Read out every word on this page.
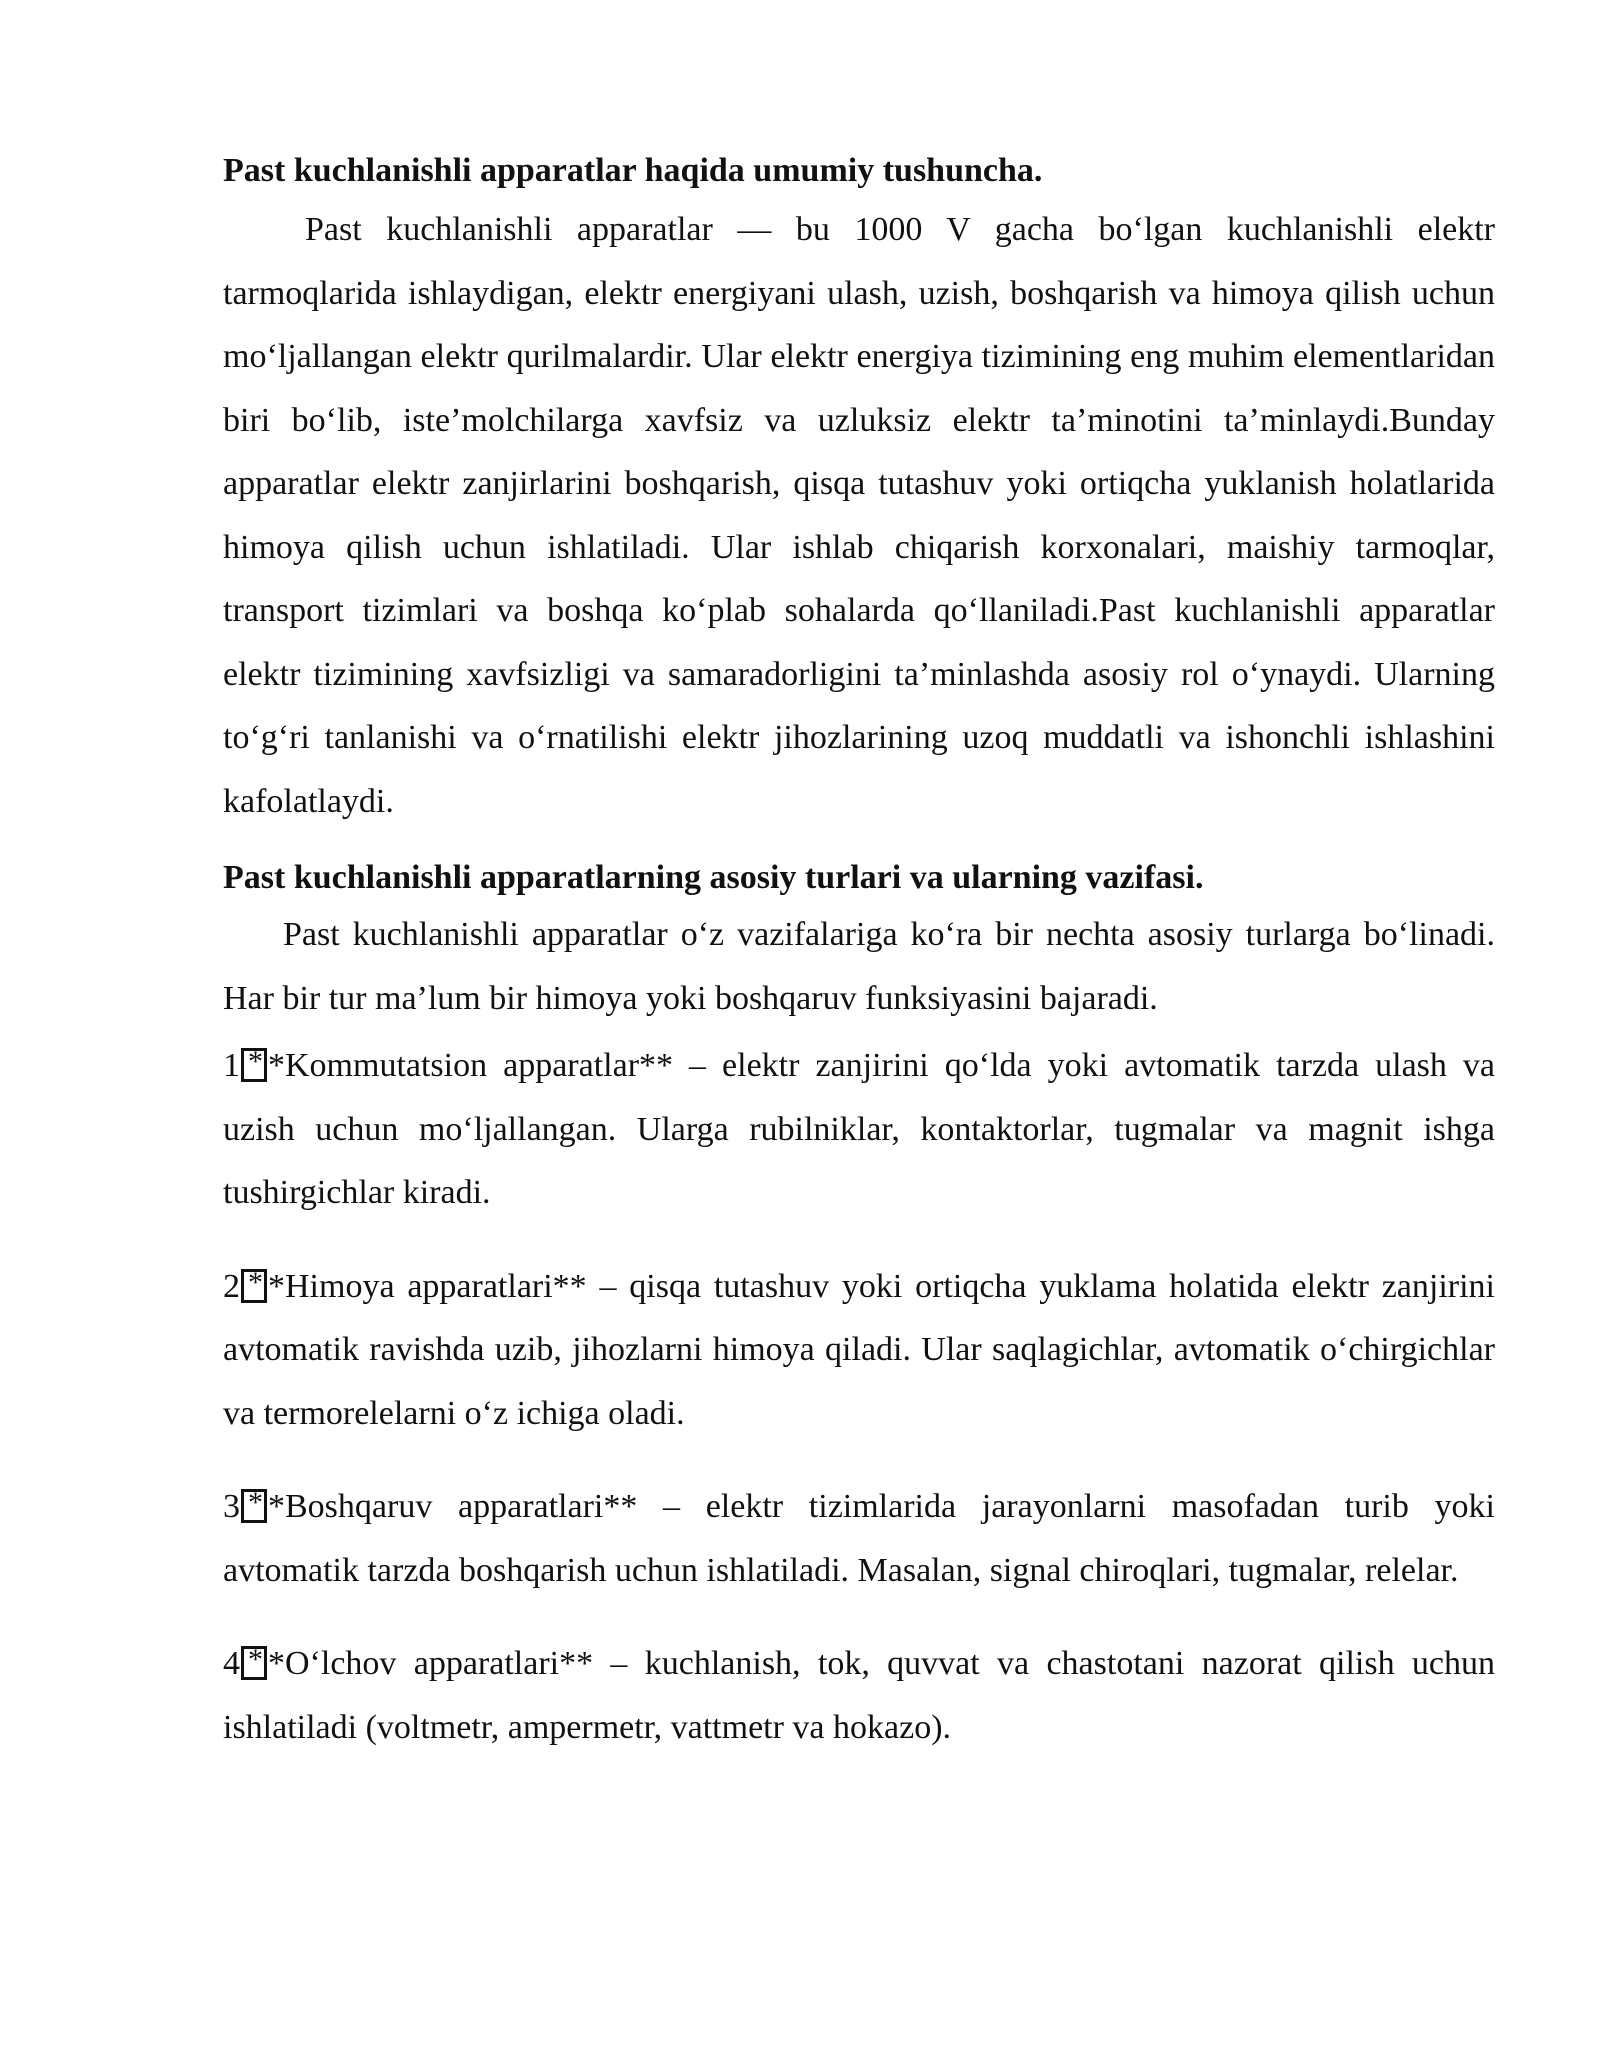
Past kuchlanishli apparatlar haqida umumiy tushuncha.

Past kuchlanishli apparatlar — bu 1000 V gacha bo‘lgan kuchlanishli elektr tarmoqlarida ishlaydigan, elektr energiyani ulash, uzish, boshqarish va himoya qilish uchun mo‘ljallangan elektr qurilmalardir. Ular elektr energiya tizimining eng muhim elementlaridan biri bo‘lib, iste’molchilarga xavfsiz va uzluksiz elektr ta’minotini ta’minlaydi.Bunday apparatlar elektr zanjirlarini boshqarish, qisqa tutashuv yoki ortiqcha yuklanish holatlarida himoya qilish uchun ishlatiladi. Ular ishlab chiqarish korxonalari, maishiy tarmoqlar, transport tizimlari va boshqa ko‘plab sohalarda qo‘llaniladi.Past kuchlanishli apparatlar elektr tizimining xavfsizligi va samaradorligini ta’minlashda asosiy rol o‘ynaydi. Ularning to‘g‘ri tanlanishi va o‘rnatilishi elektr jihozlarining uzoq muddatli va ishonchli ishlashini kafolatlaydi.

Past kuchlanishli apparatlarning asosiy turlari va ularning vazifasi.

Past kuchlanishli apparatlar o‘z vazifalariga ko‘ra bir nechta asosiy turlarga bo‘linadi. Har bir tur ma’lum bir himoya yoki boshqaruv funksiyasini bajaradi.

1 * *Kommutatsion apparatlar** – elektr zanjirini qo‘lda yoki avtomatik tarzda ulash va uzish uchun mo‘ljallangan. Ularga rubilniklar, kontaktorlar, tugmalar va magnit ishga tushirgichlar kiradi.

2 * *Himoya apparatlari** – qisqa tutashuv yoki ortiqcha yuklama holatida elektr zanjirini avtomatik ravishda uzib, jihozlarni himoya qiladi. Ular saqlagichlar, avtomatik o‘chirgichlar va termorelelarni o‘z ichiga oladi.

3 * *Boshqaruv apparatlari** – elektr tizimlarida jarayonlarni masofadan turib yoki avtomatik tarzda boshqarish uchun ishlatiladi. Masalan, signal chiroqlari, tugmalar, relelar.

4 * *O‘lchov apparatlari** – kuchlanish, tok, quvvat va chastotani nazorat qilish uchun ishlatiladi (voltmetr, ampermetr, vattmetr va hokazo).
